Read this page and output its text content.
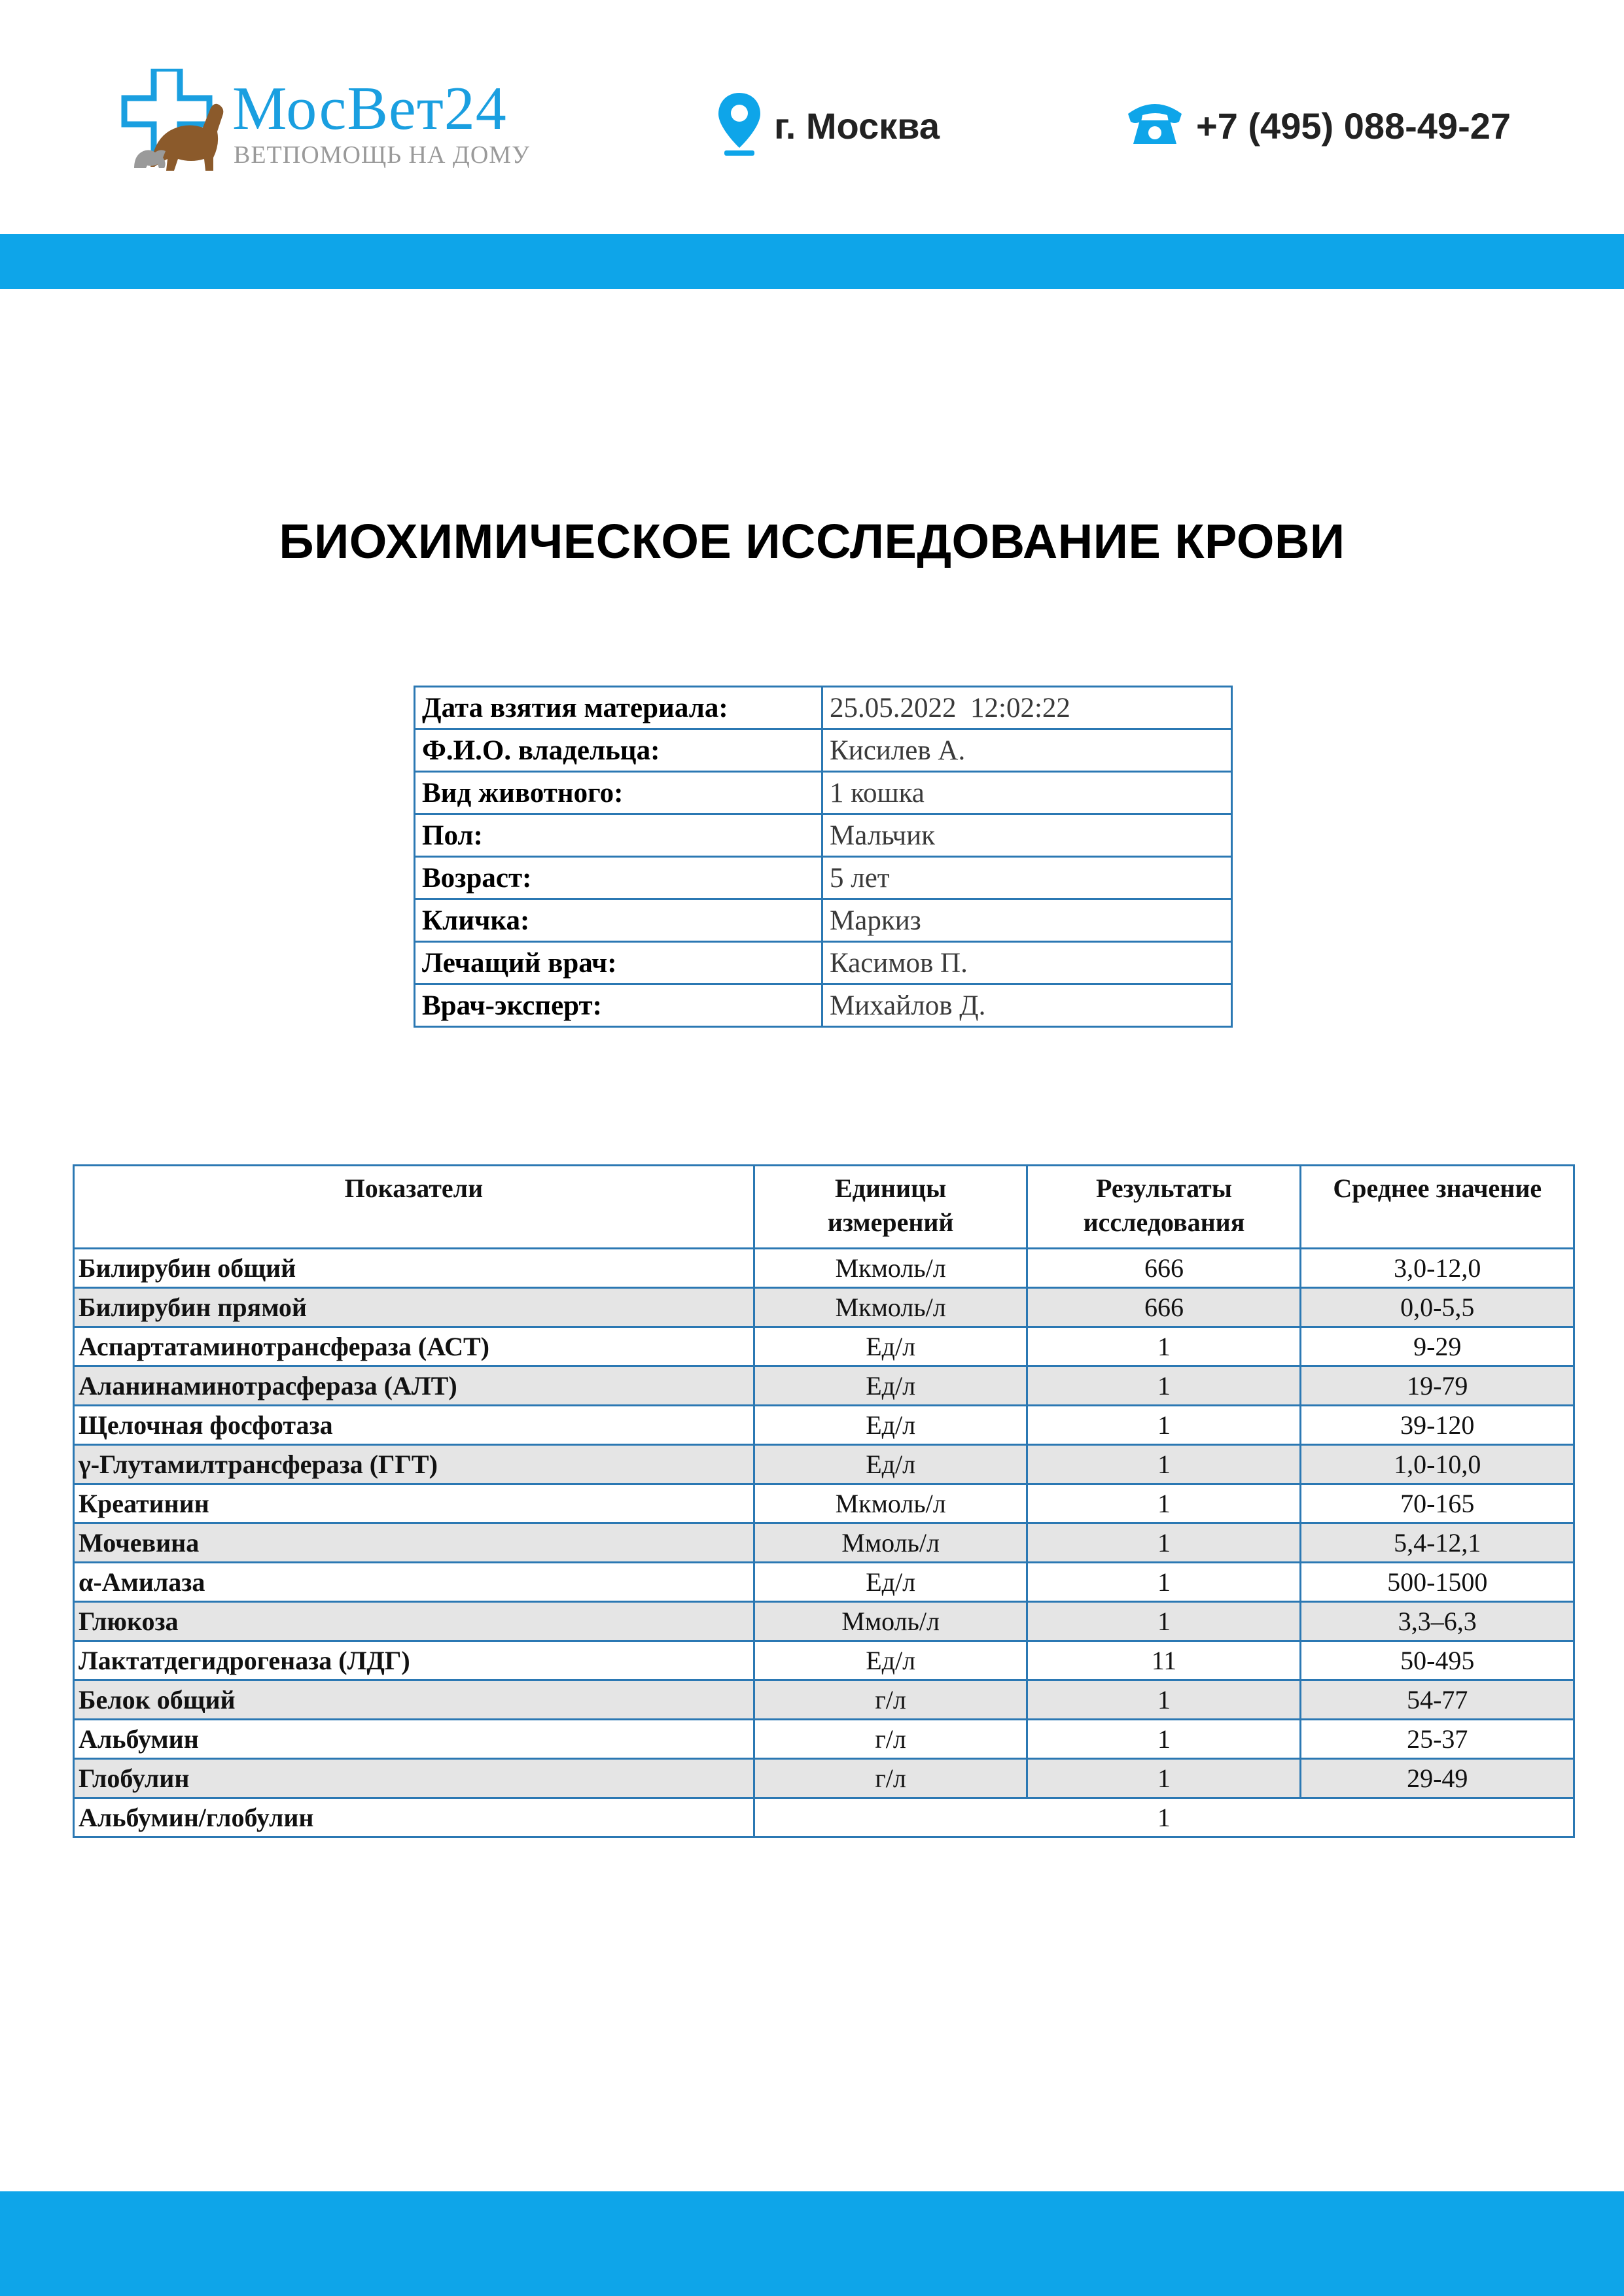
МосВет24
ВЕТПОМОЩЬ НА ДОМУ
г. Москва	+7 (495) 088-49-27
БИОХИМИЧЕСКОЕ ИССЛЕДОВАНИЕ КРОВИ
Дата взятия материала:	25.05.2022  12:02:22
Ф.И.О. владельца:	Кисилев А.
Вид животного:	1 кошка
Пол:	Мальчик
Возраст:	5 лет
Кличка:	Маркиз
Лечащий врач:	Касимов П.
Врач-эксперт:	Михайлов Д.
Показатели	Единицы измерений	Результаты исследования	Среднее значение
Билирубин общий	Мкмоль/л	666	3,0-12,0
Билирубин прямой	Мкмоль/л	666	0,0-5,5
Аспартатаминотрансфераза (АСТ)	Ед/л	1	9-29
Аланинаминотрасфераза (АЛТ)	Ед/л	1	19-79
Щелочная фосфотаза	Ед/л	1	39-120
γ-Глутамилтрансфераза (ГГТ)	Ед/л	1	1,0-10,0
Креатинин	Мкмоль/л	1	70-165
Мочевина	Ммоль/л	1	5,4-12,1
α-Амилаза	Ед/л	1	500-1500
Глюкоза	Ммоль/л	1	3,3–6,3
Лактатдегидрогеназа (ЛДГ)	Ед/л	11	50-495
Белок общий	г/л	1	54-77
Альбумин	г/л	1	25-37
Глобулин	г/л	1	29-49
Альбумин/глобулин	1		
